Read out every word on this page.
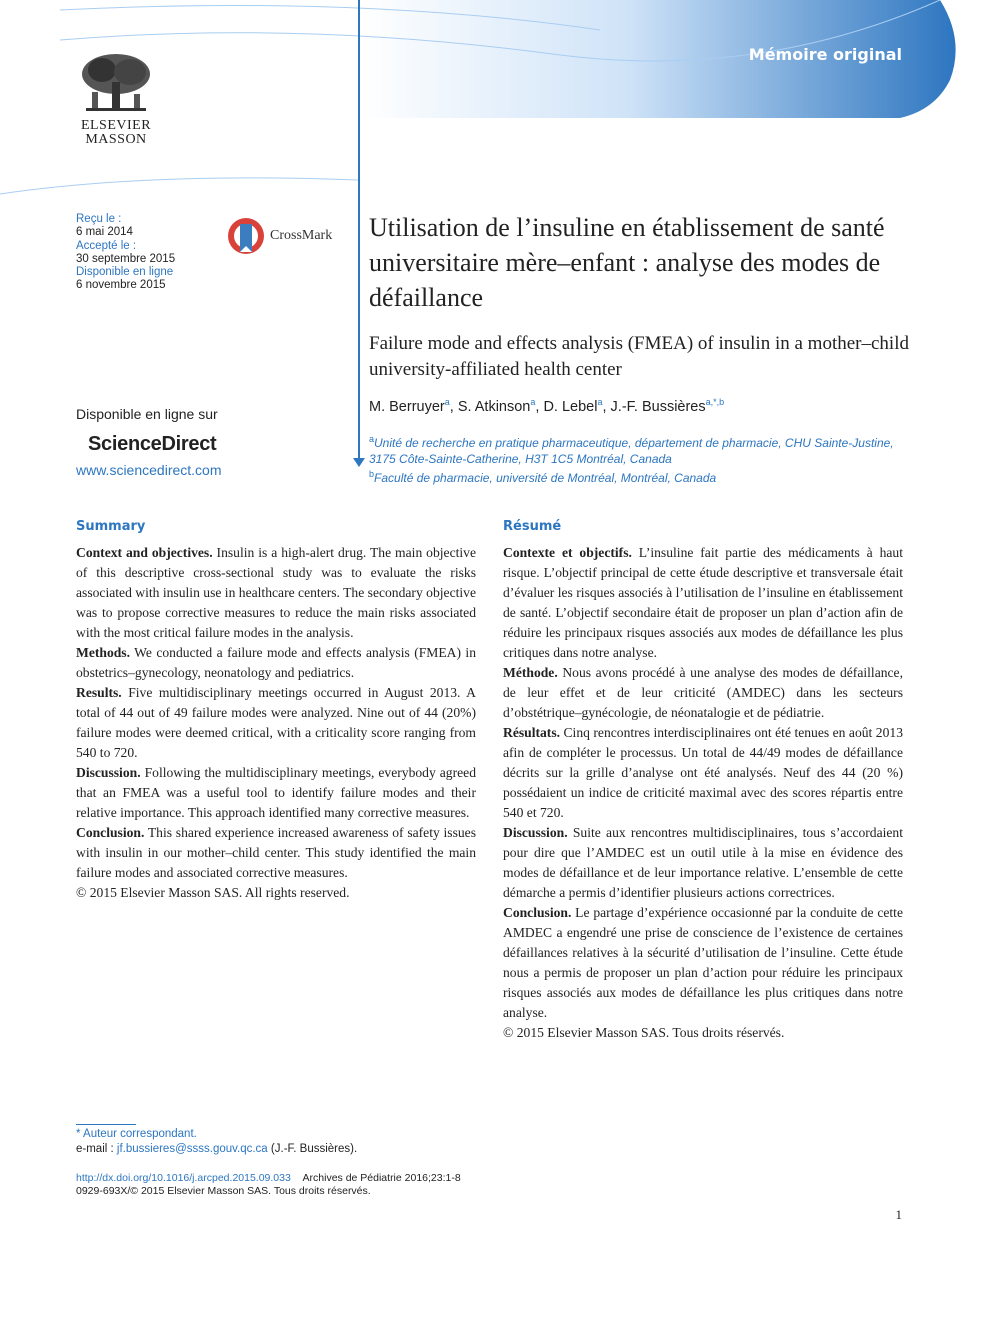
Mémoire original
ELSEVIER
MASSON
Reçu le :
6 mai 2014
Accepté le :
30 septembre 2015
Disponible en ligne
6 novembre 2015
CrossMark
Disponible en ligne sur
ScienceDirect
www.sciencedirect.com
Utilisation de l’insuline en établissement de santé universitaire mère–enfant : analyse des modes de défaillance
Failure mode and effects analysis (FMEA) of insulin in a mother–child university-affiliated health center
M. Berruyer$^a$, S. Atkinson$^a$, D. Lebel$^a$, J.-F. Bussières$^{a,*,b}$
$^a$Unité de recherche en pratique pharmaceutique, département de pharmacie, CHU Sainte-Justine, 3175 Côte-Sainte-Catherine, H3T 1C5 Montréal, Canada
$^b$Faculté de pharmacie, université de Montréal, Montréal, Canada
Summary

Context and objectives. Insulin is a high-alert drug. The main objective of this descriptive cross-sectional study was to evaluate the risks associated with insulin use in healthcare centers. The secondary objective was to propose corrective measures to reduce the main risks associated with the most critical failure modes in the analysis.

Methods. We conducted a failure mode and effects analysis (FMEA) in obstetrics–gynecology, neonatology and pediatrics.

Results. Five multidisciplinary meetings occurred in August 2013. A total of 44 out of 49 failure modes were analyzed. Nine out of 44 (20%) failure modes were deemed critical, with a criticality score ranging from 540 to 720.

Discussion. Following the multidisciplinary meetings, everybody agreed that an FMEA was a useful tool to identify failure modes and their relative importance. This approach identified many corrective measures.

Conclusion. This shared experience increased awareness of safety issues with insulin in our mother–child center. This study identified the main failure modes and associated corrective measures.

© 2015 Elsevier Masson SAS. All rights reserved.

Résumé

Contexte et objectifs. L’insuline fait partie des médicaments à haut risque. L’objectif principal de cette étude descriptive et transversale était d’évaluer les risques associés à l’utilisation de l’insuline en établissement de santé. L’objectif secondaire était de proposer un plan d’action afin de réduire les principaux risques associés aux modes de défaillance les plus critiques dans notre analyse.

Méthode. Nous avons procédé à une analyse des modes de défaillance, de leur effet et de leur criticité (AMDEC) dans les secteurs d’obstétrique–gynécologie, de néonatalogie et de pédiatrie.

Résultats. Cinq rencontres interdisciplinaires ont été tenues en août 2013 afin de compléter le processus. Un total de 44/49 modes de défaillance décrits sur la grille d’analyse ont été analysés. Neuf des 44 (20 %) possédaient un indice de criticité maximal avec des scores répartis entre 540 et 720.

Discussion. Suite aux rencontres multidisciplinaires, tous s’accordaient pour dire que l’AMDEC est un outil utile à la mise en évidence des modes de défaillance et de leur importance relative. L’ensemble de cette démarche a permis d’identifier plusieurs actions correctrices.

Conclusion. Le partage d’expérience occasionné par la conduite de cette AMDEC a engendré une prise de conscience de l’existence de certaines défaillances relatives à la sécurité d’utilisation de l’insuline. Cette étude nous a permis de proposer un plan d’action pour réduire les principaux risques associés aux modes de défaillance les plus critiques dans notre analyse.

© 2015 Elsevier Masson SAS. Tous droits réservés.

* Auteur correspondant.
e-mail : jf.bussieres@ssss.gouv.qc.ca (J.-F. Bussières).
http://dx.doi.org/10.1016/j.arcped.2015.09.033 Archives de Pédiatrie 2016;23:1-8
0929-693X/© 2015 Elsevier Masson SAS. Tous droits réservés.
1
